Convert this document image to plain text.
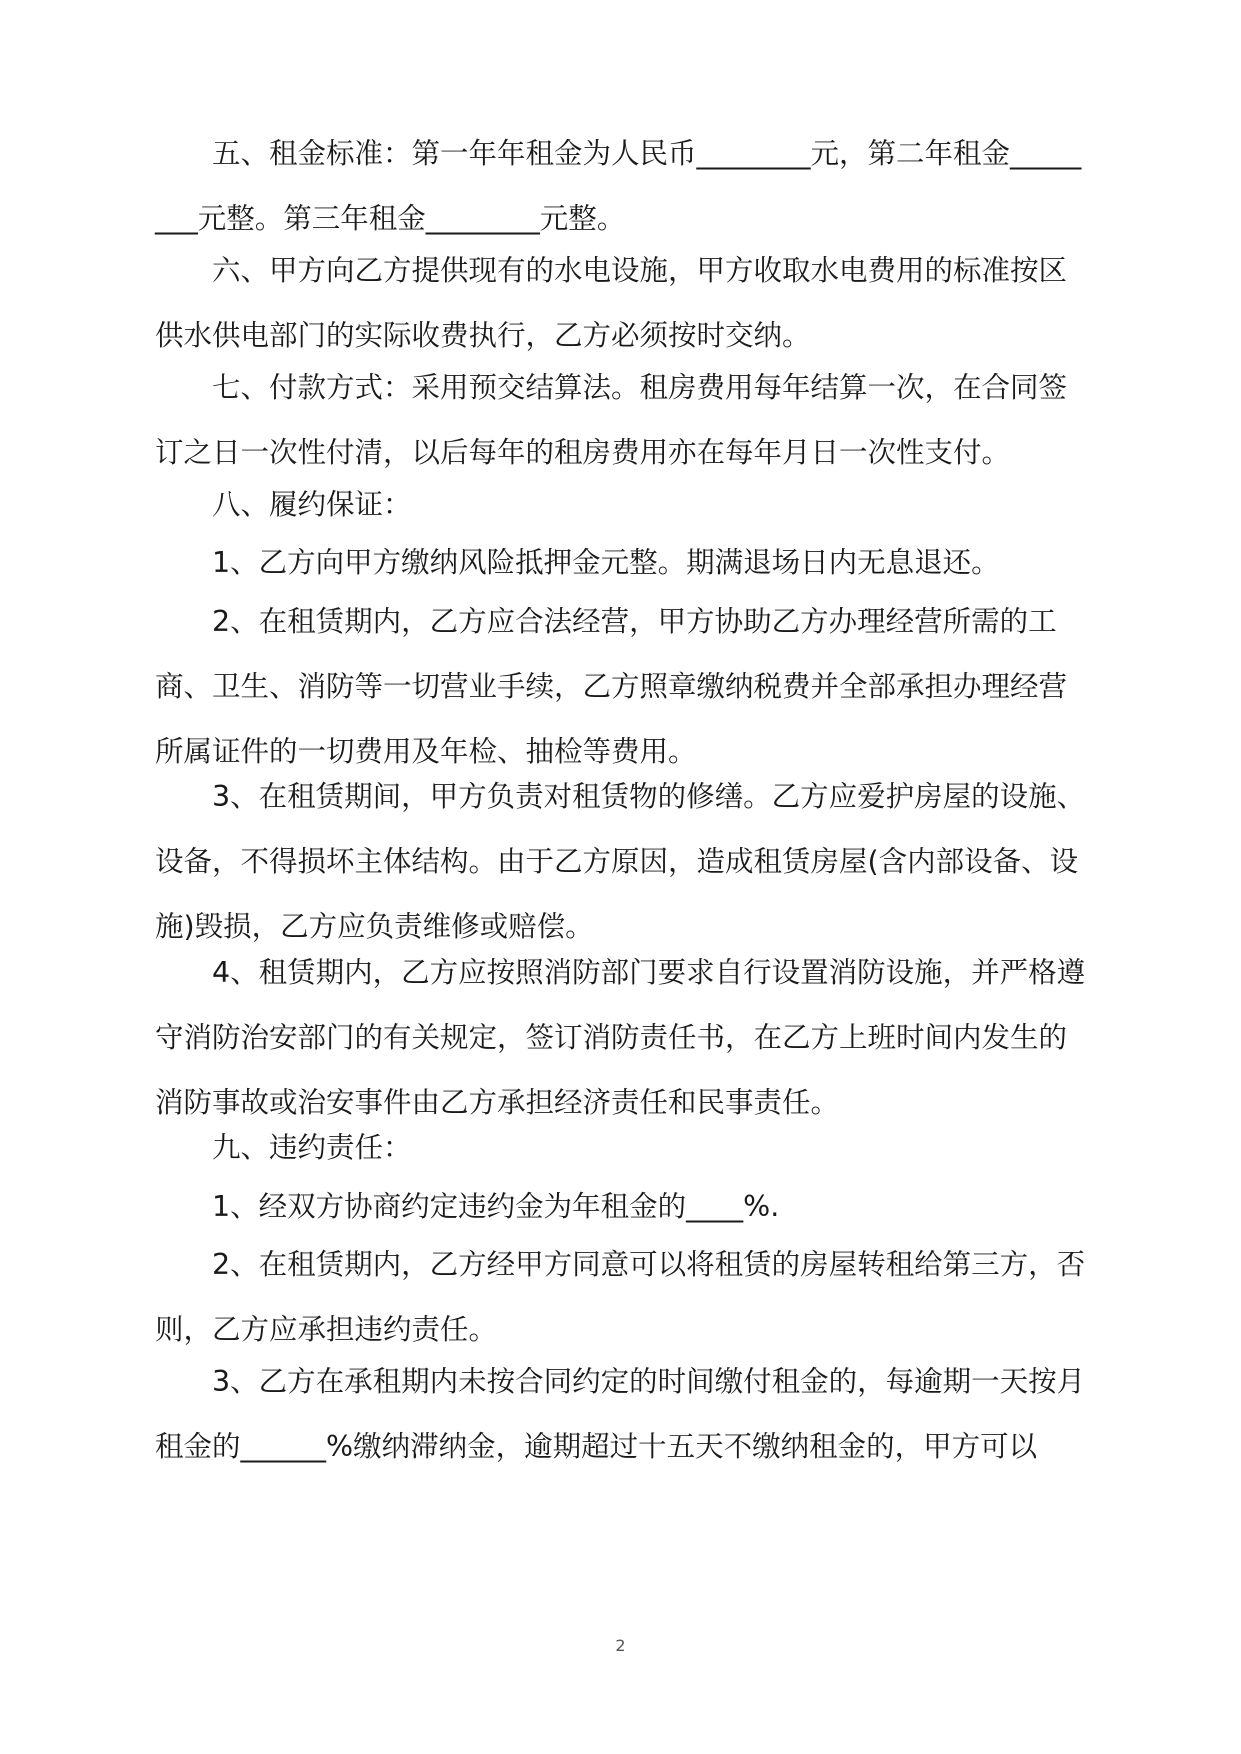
五、租金标准：第一年年租金为人民币________元，第二年租金________元整。第三年租金________元整。

六、甲方向乙方提供现有的水电设施，甲方收取水电费用的标准按区供水供电部门的实际收费执行，乙方必须按时交纳。

七、付款方式：采用预交结算法。租房费用每年结算一次，在合同签订之日一次性付清，以后每年的租房费用亦在每年月日一次性支付。

八、履约保证：

1、乙方向甲方缴纳风险抵押金元整。期满退场日内无息退还。

2、在租赁期内，乙方应合法经营，甲方协助乙方办理经营所需的工商、卫生、消防等一切营业手续，乙方照章缴纳税费并全部承担办理经营所属证件的一切费用及年检、抽检等费用。

3、在租赁期间，甲方负责对租赁物的修缮。乙方应爱护房屋的设施、设备，不得损坏主体结构。由于乙方原因，造成租赁房屋(含内部设备、设施)毁损，乙方应负责维修或赔偿。

4、租赁期内，乙方应按照消防部门要求自行设置消防设施，并严格遵守消防治安部门的有关规定，签订消防责任书，在乙方上班时间内发生的消防事故或治安事件由乙方承担经济责任和民事责任。

九、违约责任：

1、经双方协商约定违约金为年租金的____%.

2、在租赁期内，乙方经甲方同意可以将租赁的房屋转租给第三方，否则，乙方应承担违约责任。

3、乙方在承租期内未按合同约定的时间缴付租金的，每逾期一天按月租金的______%缴纳滞纳金，逾期超过十五天不缴纳租金的，甲方可以

2
